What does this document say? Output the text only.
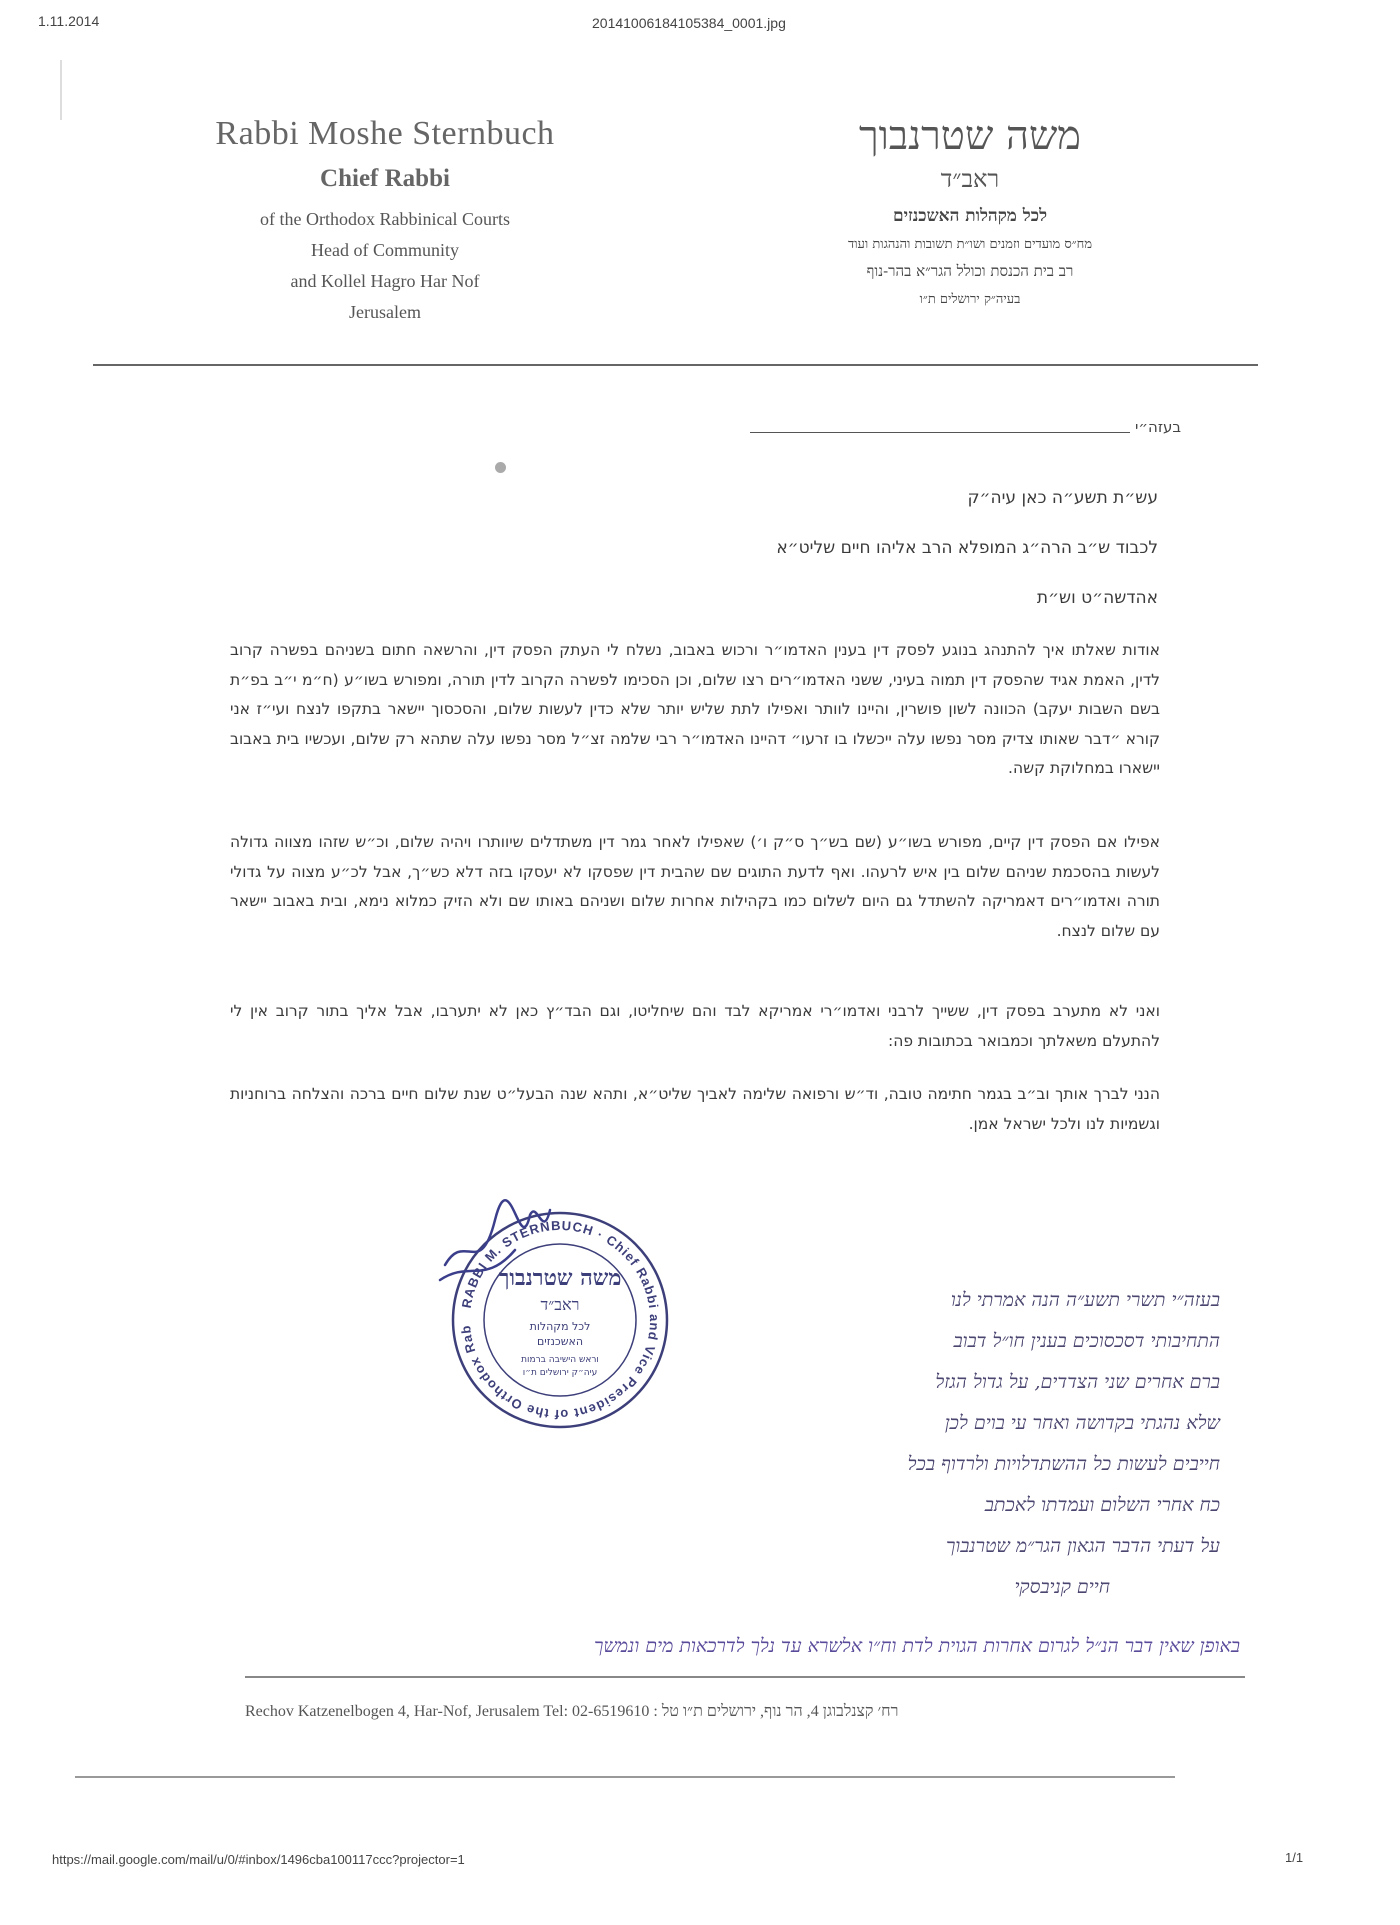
1.11.2014	20141006184105384_0001.jpg
Rabbi Moshe Sternbuch
Chief Rabbi
of the Orthodox Rabbinical Courts
Head of Community
and Kollel Hagro Har Nof
Jerusalem
משה שטרנבוך
ראב״ד
לכל מקהלות האשכנזים
מח״ס מועדים וזמנים ושו״ת תשובות והנהגות ועוד
רב בית הכנסת וכולל הגר״א בהר-נוף
בעיה״ק ירושלים ת״ו
בעזה״י
עש״ת תשע״ה כאן עיה״ק
לכבוד ש״ב הרה״ג המופלא הרב אליהו חיים שליט״א
אהדשה״ט וש״ת

אודות שאלתו איך להתנהג בנוגע לפסק דין בענין האדמו״ר ורכוש באבוב, נשלח לי העתק הפסק דין, והרשאה חתום בשניהם בפשרה קרוב לדין, האמת אגיד שהפסק דין תמוה בעיני, ששני האדמו״רים רצו שלום, וכן הסכימו לפשרה הקרוב לדין תורה, ומפורש בשו״ע (ח״מ י״ב בפ״ת בשם השבות יעקב) הכוונה לשון פושרין, והיינו לוותר ואפילו לתת שליש יותר שלא כדין לעשות שלום, והסכסוך יישאר בתקפו לנצח ועי״ז אני קורא ״דבר שאותו צדיק מסר נפשו עלה ייכשלו בו זרעו״ דהיינו האדמו״ר רבי שלמה זצ״ל מסר נפשו עלה שתהא רק שלום, ועכשיו בית באבוב יישארו במחלוקת קשה.

אפילו אם הפסק דין קיים, מפורש בשו״ע (שם בש״ך ס״ק ו׳) שאפילו לאחר גמר דין משתדלים שיוותרו ויהיה שלום, וכ״ש שזהו מצווה גדולה לעשות בהסכמת שניהם שלום בין איש לרעהו. ואף לדעת התוגים שם שהבית דין שפסקו לא יעסקו בזה דלא כש״ך, אבל לכ״ע מצוה על גדולי תורה ואדמו״רים דאמריקה להשתדל גם היום לשלום כמו בקהילות אחרות שלום ושניהם באותו שם ולא הזיק כמלוא נימא, ובית באבוב יישאר עם שלום לנצח.

ואני לא מתערב בפסק דין, ששייך לרבני ואדמו״רי אמריקא לבד והם שיחליטו, וגם הבד״ץ כאן לא יתערבו, אבל אליך בתור קרוב אין לי להתעלם משאלתך וכמבואר בכתובות פה:

הנני לברך אותך וב״ב בגמר חתימה טובה, וד״ש ורפואה שלימה לאביך שליט״א, ותהא שנה הבעל״ט שנת שלום חיים ברכה והצלחה ברוחניות וגשמיות לנו ולכל ישראל אמן.

RABBI M. STERNBUCH · Chief Rabbi and Vice President of the Orthodox Rab
משה שטרנבוך
ראב״ד
לכל מקהלות
האשכנזים
וראש הישיבה ברמות
עיה״ק ירושלים ת״ו
בעזה״י תשרי תשע״ה הנה אמרתי לנו
התחיבותי דסכסוכים בענין חו״ל דבוב
ברם אחרים שני הצדדים, על גדול הגזל
שלא נהגתי בקדושה ואחר עי בוים לכן
חייבים לעשות כל ההשתדלויות ולרדוף בכל
כח אחרי השלום ועמדתו לאכתב
על דעתי הדבר הגאון הגר״מ שטרנבוך
חיים קניבסקי
באופן שאין דבר הנ״ל לגרום אחרות הגוית לדת וח״ו אלשרא עד נלך לדרכאות מים ונמשך
Rechov Katzenelbogen 4, Har-Nof, Jerusalem Tel: 02-6519610 : רח׳ קצנלבוגן 4, הר נוף, ירושלים ת״ו טל
https://mail.google.com/mail/u/0/#inbox/1496cba100117ccc?projector=1	1/1
